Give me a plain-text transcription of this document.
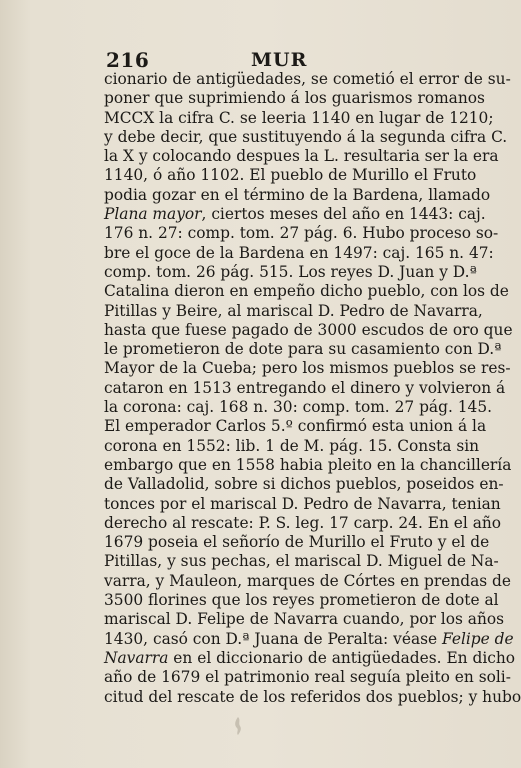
216	MUR
cionario de antigüedades, se cometió el error de su-
poner que suprimiendo á los guarismos romanos
MCCX la cifra C. se leeria 1140 en lugar de 1210;
y debe decir, que sustituyendo á la segunda cifra C.
la X y colocando despues la L. resultaria ser la era
1140, ó año 1102. El pueblo de Murillo el Fruto
podia gozar en el término de la Bardena, llamado
Plana mayor, ciertos meses del año en 1443: caj.
176 n. 27: comp. tom. 27 pág. 6. Hubo proceso so-
bre el goce de la Bardena en 1497: caj. 165 n. 47:
comp. tom. 26 pág. 515. Los reyes D. Juan y D.ª
Catalina dieron en empeño dicho pueblo, con los de
Pitillas y Beire, al mariscal D. Pedro de Navarra,
hasta que fuese pagado de 3000 escudos de oro que
le prometieron de dote para su casamiento con D.ª
Mayor de la Cueba; pero los mismos pueblos se res-
cataron en 1513 entregando el dinero y volvieron á
la corona: caj. 168 n. 30: comp. tom. 27 pág. 145.
El emperador Carlos 5.º confirmó esta union á la
corona en 1552: lib. 1 de M. pág. 15. Consta sin
embargo que en 1558 habia pleito en la chancillería
de Valladolid, sobre si dichos pueblos, poseidos en-
tonces por el mariscal D. Pedro de Navarra, tenian
derecho al rescate: P. S. leg. 17 carp. 24. En el año
1679 poseia el señorío de Murillo el Fruto y el de
Pitillas, y sus pechas, el mariscal D. Miguel de Na-
varra, y Mauleon, marques de Córtes en prendas de
3500 florines que los reyes prometieron de dote al
mariscal D. Felipe de Navarra cuando, por los años
1430, casó con D.ª Juana de Peralta: véase Felipe de
Navarra en el diccionario de antigüedades. En dicho
año de 1679 el patrimonio real seguía pleito en soli-
citud del rescate de los referidos dos pueblos; y hubo
